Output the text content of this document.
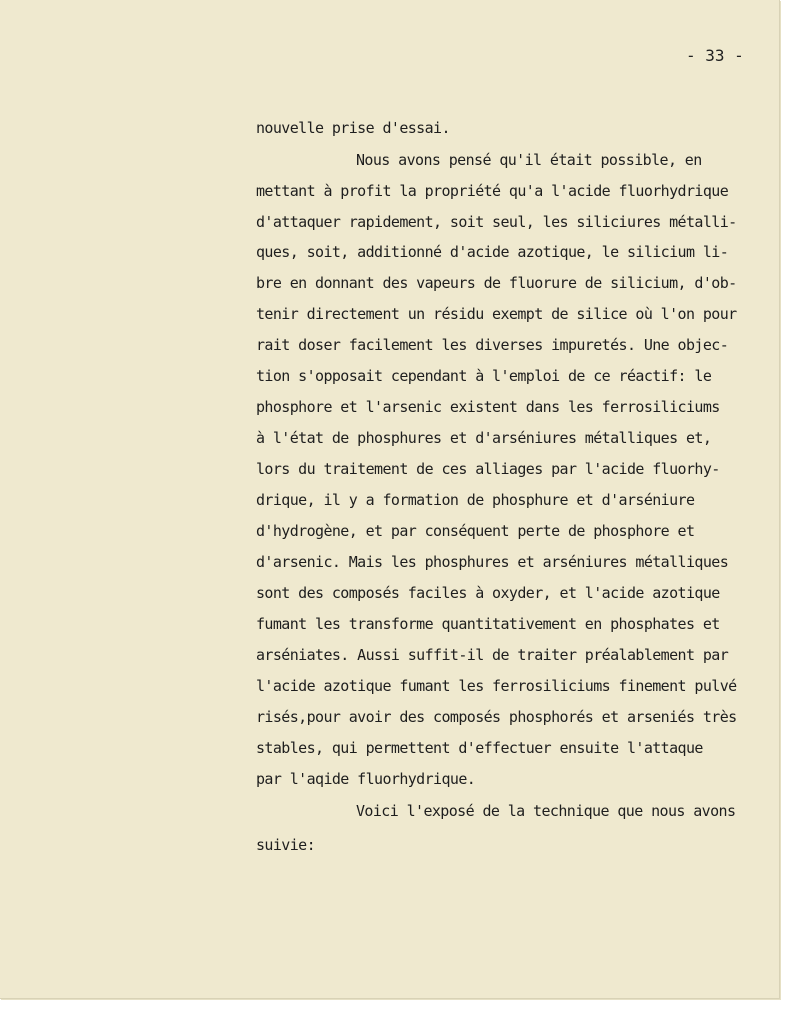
- 33 -
nouvelle prise d'essai.
Nous avons pensé qu'il était possible, en
mettant à profit la propriété qu'a l'acide fluorhydrique
d'attaquer rapidement, soit seul, les siliciures métalli-
ques, soit, additionné d'acide azotique, le silicium li-
bre en donnant des vapeurs de fluorure de silicium, d'ob-
tenir directement un résidu exempt de silice où l'on pour
rait doser facilement les diverses impuretés. Une objec-
tion s'opposait cependant à l'emploi de ce réactif: le
phosphore et l'arsenic existent dans les ferrosiliciums
à l'état de phosphures et d'arséniures métalliques et,
lors du traitement de ces alliages par l'acide fluorhy-
drique, il y a formation de phosphure et d'arséniure
d'hydrogène, et par conséquent perte de phosphore et
d'arsenic. Mais les phosphures et arséniures métalliques
sont des composés faciles à oxyder, et l'acide azotique
fumant les transforme quantitativement en phosphates et
arséniates. Aussi suffit-il de traiter préalablement par
l'acide azotique fumant les ferrosiliciums finement pulvé
risés,pour avoir des composés phosphorés et arseniés très
stables, qui permettent d'effectuer ensuite l'attaque
par l'aqide fluorhydrique.
Voici l'exposé de la technique que nous avons
suivie:
